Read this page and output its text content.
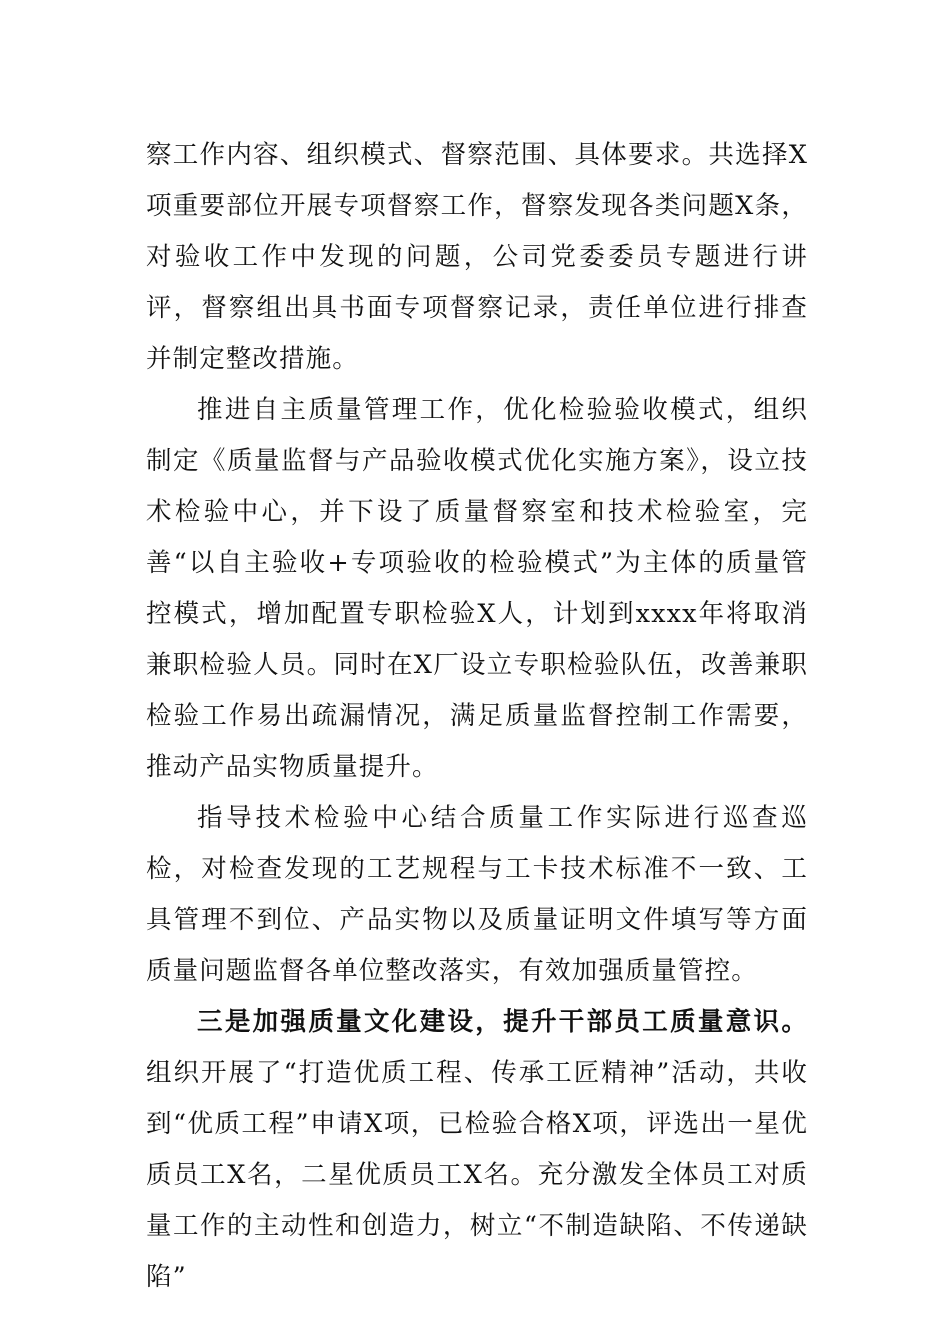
察工作内容、组织模式、督察范围、具体要求。共选择X项重要部位开展专项督察工作，督察发现各类问题X条，对验收工作中发现的问题，公司党委委员专题进行讲评，督察组出具书面专项督察记录，责任单位进行排查并制定整改措施。

推进自主质量管理工作，优化检验验收模式，组织制定《质量监督与产品验收模式优化实施方案》，设立技术检验中心，并下设了质量督察室和技术检验室，完善“以自主验收+专项验收的检验模式”为主体的质量管控模式，增加配置专职检验X人，计划到xxxx年将取消兼职检验人员。同时在X厂设立专职检验队伍，改善兼职检验工作易出疏漏情况，满足质量监督控制工作需要，推动产品实物质量提升。

指导技术检验中心结合质量工作实际进行巡查巡检，对检查发现的工艺规程与工卡技术标准不一致、工具管理不到位、产品实物以及质量证明文件填写等方面质量问题监督各单位整改落实，有效加强质量管控。

三是加强质量文化建设，提升干部员工质量意识。组织开展了“打造优质工程、传承工匠精神”活动，共收到“优质工程”申请X项，已检验合格X项，评选出一星优质员工X名，二星优质员工X名。充分激发全体员工对质量工作的主动性和创造力，树立“不制造缺陷、不传递缺陷”
